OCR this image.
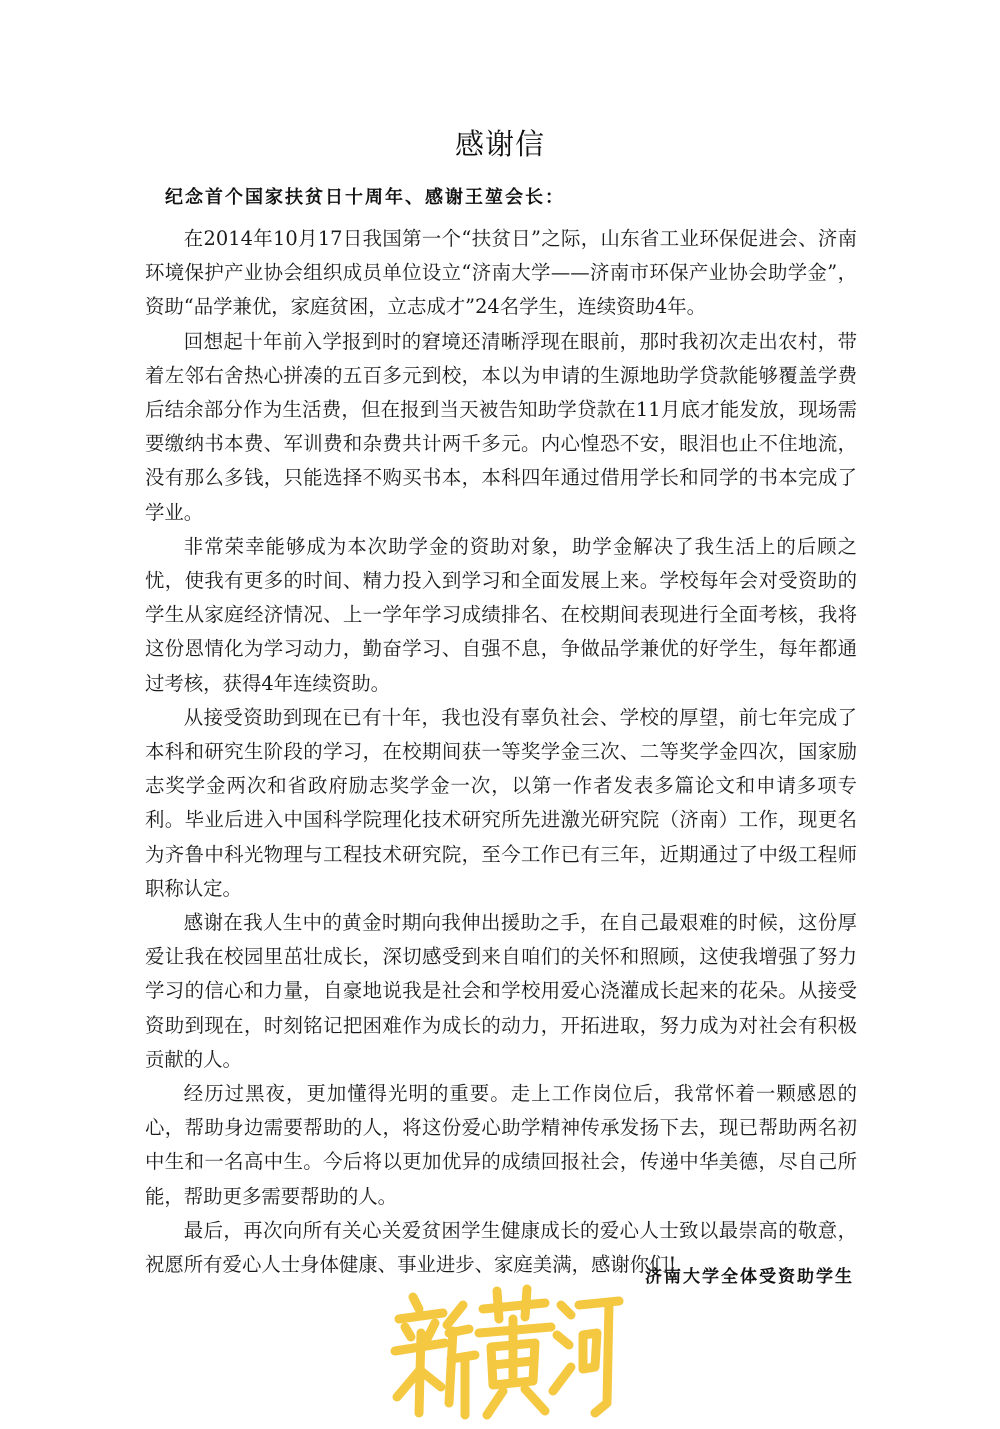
感谢信
纪念首个国家扶贫日十周年、感谢王堃会长：

在2014年10月17日我国第一个“扶贫日”之际，山东省工业环保促进会、济南环境保护产业协会组织成员单位设立“济南大学——济南市环保产业协会助学金”，资助“品学兼优，家庭贫困，立志成才”24名学生，连续资助4年。

回想起十年前入学报到时的窘境还清晰浮现在眼前，那时我初次走出农村，带着左邻右舍热心拼凑的五百多元到校，本以为申请的生源地助学贷款能够覆盖学费后结余部分作为生活费，但在报到当天被告知助学贷款在11月底才能发放，现场需要缴纳书本费、军训费和杂费共计两千多元。内心惶恐不安，眼泪也止不住地流，没有那么多钱，只能选择不购买书本，本科四年通过借用学长和同学的书本完成了学业。

非常荣幸能够成为本次助学金的资助对象，助学金解决了我生活上的后顾之忧，使我有更多的时间、精力投入到学习和全面发展上来。学校每年会对受资助的学生从家庭经济情况、上一学年学习成绩排名、在校期间表现进行全面考核，我将这份恩情化为学习动力，勤奋学习、自强不息，争做品学兼优的好学生，每年都通过考核，获得4年连续资助。

从接受资助到现在已有十年，我也没有辜负社会、学校的厚望，前七年完成了本科和研究生阶段的学习，在校期间获一等奖学金三次、二等奖学金四次，国家励志奖学金两次和省政府励志奖学金一次，以第一作者发表多篇论文和申请多项专利。毕业后进入中国科学院理化技术研究所先进激光研究院（济南）工作，现更名为齐鲁中科光物理与工程技术研究院，至今工作已有三年，近期通过了中级工程师职称认定。

感谢在我人生中的黄金时期向我伸出援助之手，在自己最艰难的时候，这份厚爱让我在校园里茁壮成长，深切感受到来自咱们的关怀和照顾，这使我增强了努力学习的信心和力量，自豪地说我是社会和学校用爱心浇灌成长起来的花朵。从接受资助到现在，时刻铭记把困难作为成长的动力，开拓进取，努力成为对社会有积极贡献的人。

经历过黑夜，更加懂得光明的重要。走上工作岗位后，我常怀着一颗感恩的心，帮助身边需要帮助的人，将这份爱心助学精神传承发扬下去，现已帮助两名初中生和一名高中生。今后将以更加优异的成绩回报社会，传递中华美德，尽自己所能，帮助更多需要帮助的人。

最后，再次向所有关心关爱贫困学生健康成长的爱心人士致以最崇高的敬意，祝愿所有爱心人士身体健康、事业进步、家庭美满，感谢你们!

济南大学全体受资助学生
